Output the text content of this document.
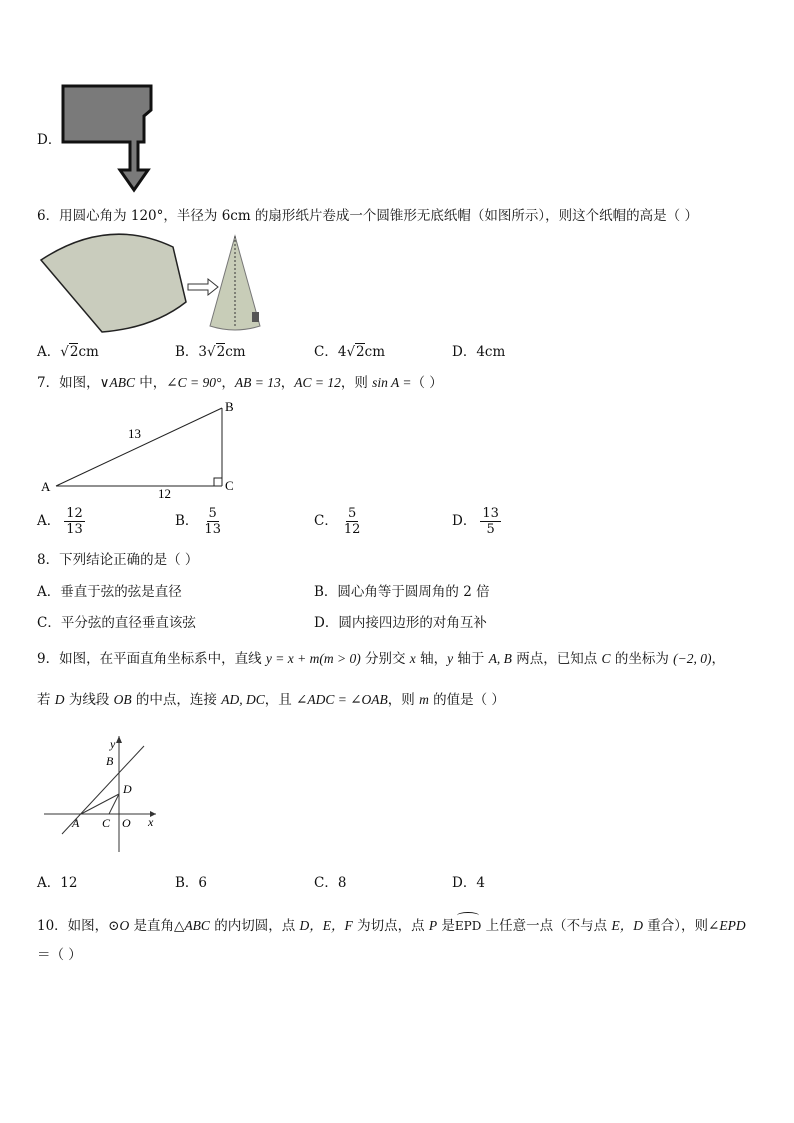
D．
6．用圆心角为 120°，半径为 6cm 的扇形纸片卷成一个圆锥形无底纸帽（如图所示），则这个纸帽的高是（ ）
A．√2cm	B．3√2cm	C．4√2cm	D．4cm
7．如图，∨ABC 中，∠C = 90°，AB = 13，AC = 12，则 sin A =（ ）
A
B
C
13
12
A． $\frac{12}{13}$	B． $\frac{5}{13}$	C． $\frac{5}{12}$	D． $\frac{13}{5}$
8．下列结论正确的是（ ）
A．垂直于弦的弦是直径	B．圆心角等于圆周角的 2 倍
C．平分弦的直径垂直该弦	D．圆内接四边形的对角互补
9．如图，在平面直角坐标系中，直线 y = x + m(m > 0) 分别交 x 轴，y 轴于 A, B 两点，已知点 C 的坐标为 (−2, 0)，
若 D 为线段 OB 的中点，连接 AD, DC，且 ∠ADC = ∠OAB，则 m 的值是（ ）
y
x
B
D
A C O
A．12	B．6	C．8	D．4
10．如图，⊙O 是直角△ABC 的内切圆，点 D，E，F 为切点，点 P 是
EPD 上任意一点（不与点 E，D 重合），则∠EPD
＝（ ）
